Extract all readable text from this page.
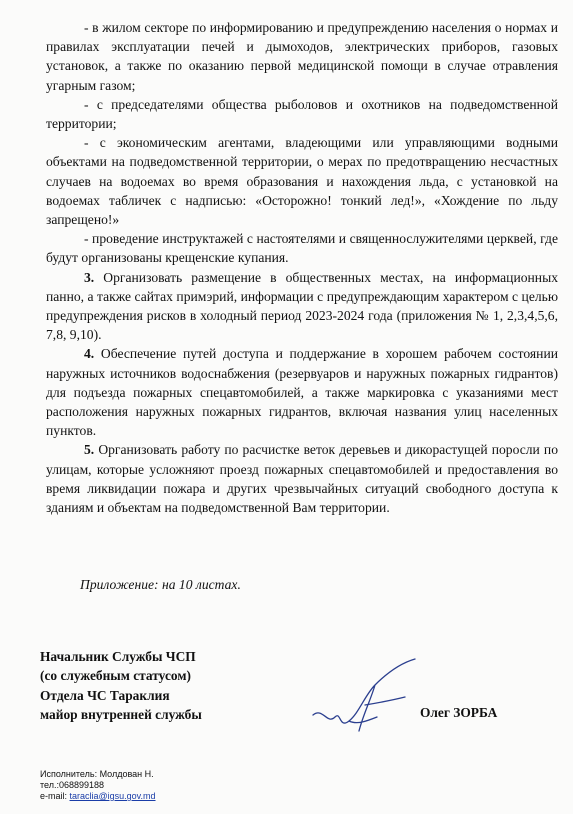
- в жилом секторе по информированию и предупреждению населения о нормах и правилах эксплуатации печей и дымоходов, электрических приборов, газовых установок, а также по оказанию первой медицинской помощи в случае отравления угарным газом;

- с председателями общества рыболовов и охотников на подведомственной территории;

- с экономическим агентами, владеющими или управляющими водными объектами на подведомственной территории, о мерах по предотвращению несчастных случаев на водоемах во время образования и нахождения льда, с установкой на водоемах табличек с надписью: «Осторожно! тонкий лед!», «Хождение по льду запрещено!»

- проведение инструктажей с настоятелями и священнослужителями церквей, где будут организованы крещенские купания.

3. Организовать размещение в общественных местах, на информационных панно, а также сайтах примэрий, информации с предупреждающим характером с целью предупреждения рисков в холодный период 2023-2024 года (приложения № 1, 2,3,4,5,6, 7,8, 9,10).

4. Обеспечение путей доступа и поддержание в хорошем рабочем состоянии наружных источников водоснабжения (резервуаров и наружных пожарных гидрантов) для подъезда пожарных спецавтомобилей, а также маркировка с указаниями мест расположения наружных пожарных гидрантов, включая названия улиц населенных пунктов.

5. Организовать работу по расчистке веток деревьев и дикорастущей поросли по улицам, которые усложняют проезд пожарных спецавтомобилей и предоставления во время ликвидации пожара и других чрезвычайных ситуаций свободного доступа к зданиям и объектам на подведомственной Вам территории.

Приложение: на 10 листах.
Начальник Службы ЧСП
(со служебным статусом)
Отдела ЧС Тараклия
майор внутренней службы	Олег ЗОРБА
Исполнитель: Молдован Н.
тел.:068899188
e-mail: taraclia@igsu.gov.md
